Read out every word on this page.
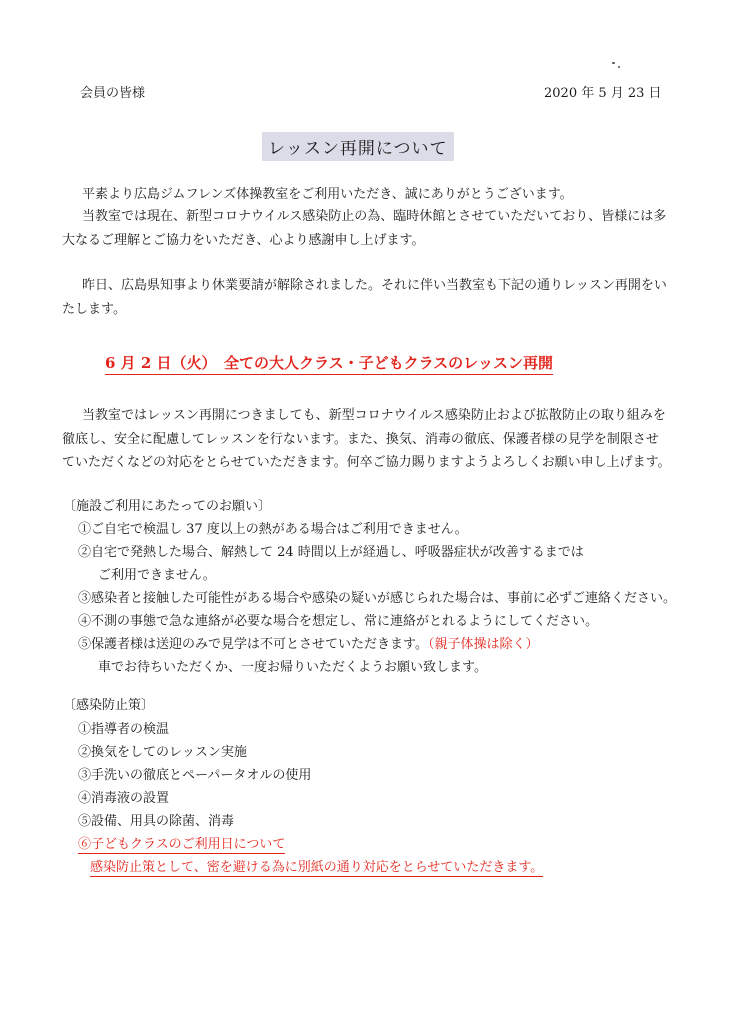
会員の皆様	2020 年 5 月 23 日
レッスン再開について
平素より広島ジムフレンズ体操教室をご利用いただき、誠にありがとうございます。
当教室では現在、新型コロナウイルス感染防止の為、臨時休館とさせていただいており、皆様には多
大なるご理解とご協力をいただき、心より感謝申し上げます。
昨日、広島県知事より休業要請が解除されました。それに伴い当教室も下記の通りレッスン再開をい
たします。
6 月 2 日（火）　全ての大人クラス・子どもクラスのレッスン再開
当教室ではレッスン再開につきましても、新型コロナウイルス感染防止および拡散防止の取り組みを
徹底し、安全に配慮してレッスンを行ないます。また、換気、消毒の徹底、保護者様の見学を制限させ
ていただくなどの対応をとらせていただきます。何卒ご協力賜りますようよろしくお願い申し上げます。
〔施設ご利用にあたってのお願い〕
①ご自宅で検温し 37 度以上の熱がある場合はご利用できません。
②自宅で発熱した場合、解熱して 24 時間以上が経過し、呼吸器症状が改善するまでは
ご利用できません。
③感染者と接触した可能性がある場合や感染の疑いが感じられた場合は、事前に必ずご連絡ください。
④不測の事態で急な連絡が必要な場合を想定し、常に連絡がとれるようにしてください。
⑤保護者様は送迎のみで見学は不可とさせていただきます。（親子体操は除く）
車でお待ちいただくか、一度お帰りいただくようお願い致します。
〔感染防止策〕
①指導者の検温
②換気をしてのレッスン実施
③手洗いの徹底とペーパータオルの使用
④消毒液の設置
⑤設備、用具の除菌、消毒
⑥子どもクラスのご利用日について
感染防止策として、密を避ける為に別紙の通り対応をとらせていただきます。
